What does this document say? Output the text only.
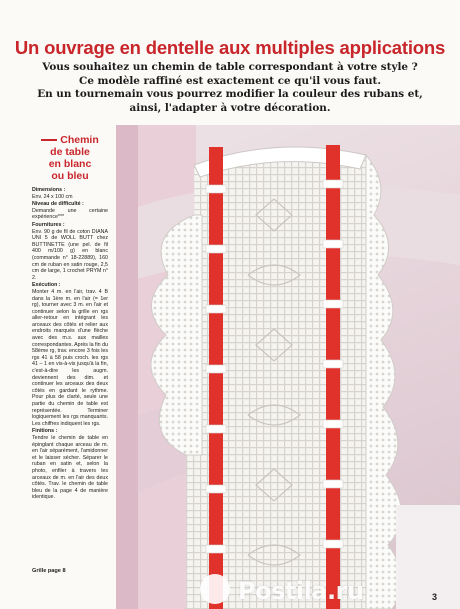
Un ouvrage en dentelle aux multiples applications
Vous souhaitez un chemin de table correspondant à votre style ?
Ce modèle raffiné est exactement ce qu'il vous faut.
En un tournemain vous pourrez modifier la couleur des rubans et,
ainsi, l'adapter à votre décoration.
Chemin
de table
en blanc
ou bleu
Dimensions :
Env. 24 x 100 cm
Niveau de difficulté :
Demande une certaine expérience***
Fournitures :
Env. 90 g de fil de coton DIANA UNI 5 de WOLL BUTT chez BUTTINETTE (une pel. de fil 400 m/100 g) en blanc (commande n° 18-22889), 160 cm de ruban en satin rouge, 2,5 cm de large, 1 crochet PRYM n° 2.
Exécution :
Monter 4 m. en l'air, trav. 4 B dans la 1ère m. en l'air (= 1er rg), tourner avec 3 m. en l'air et continuer selon la grille en rgs aller-retour en intégrant les arceaux des côtés et relier aux endroits marqués d'une flèche avec des m.s. aux mailles correspondantes. Après la fin du 58ème rg, trav. encore 3 fois les rgs 41 à 58 puis croch. les rgs 41 – 1 en vis-à-vis jusqu'à la fin, c'est-à-dire les augm. deviennent des dim. et continuer les arceaux des deux côtés en gardant le rythme. Pour plus de clarté, seule une partie du chemin de table est représentée. Terminer logiquement les rgs manquants. Les chiffres indiquent les rgs.
Finitions :
Tendre le chemin de table en épinglant chaque arceau de m. en l'air séparément, l'amidonner et le laisser sécher. Séparer le ruban en satin et, selon la photo, enfiler à travers les arceaux de m. en l'air des deux côtés. Trav. le chemin de table bleu de la page 4 de manière identique.
Grille page 8
Postila.ru	3
